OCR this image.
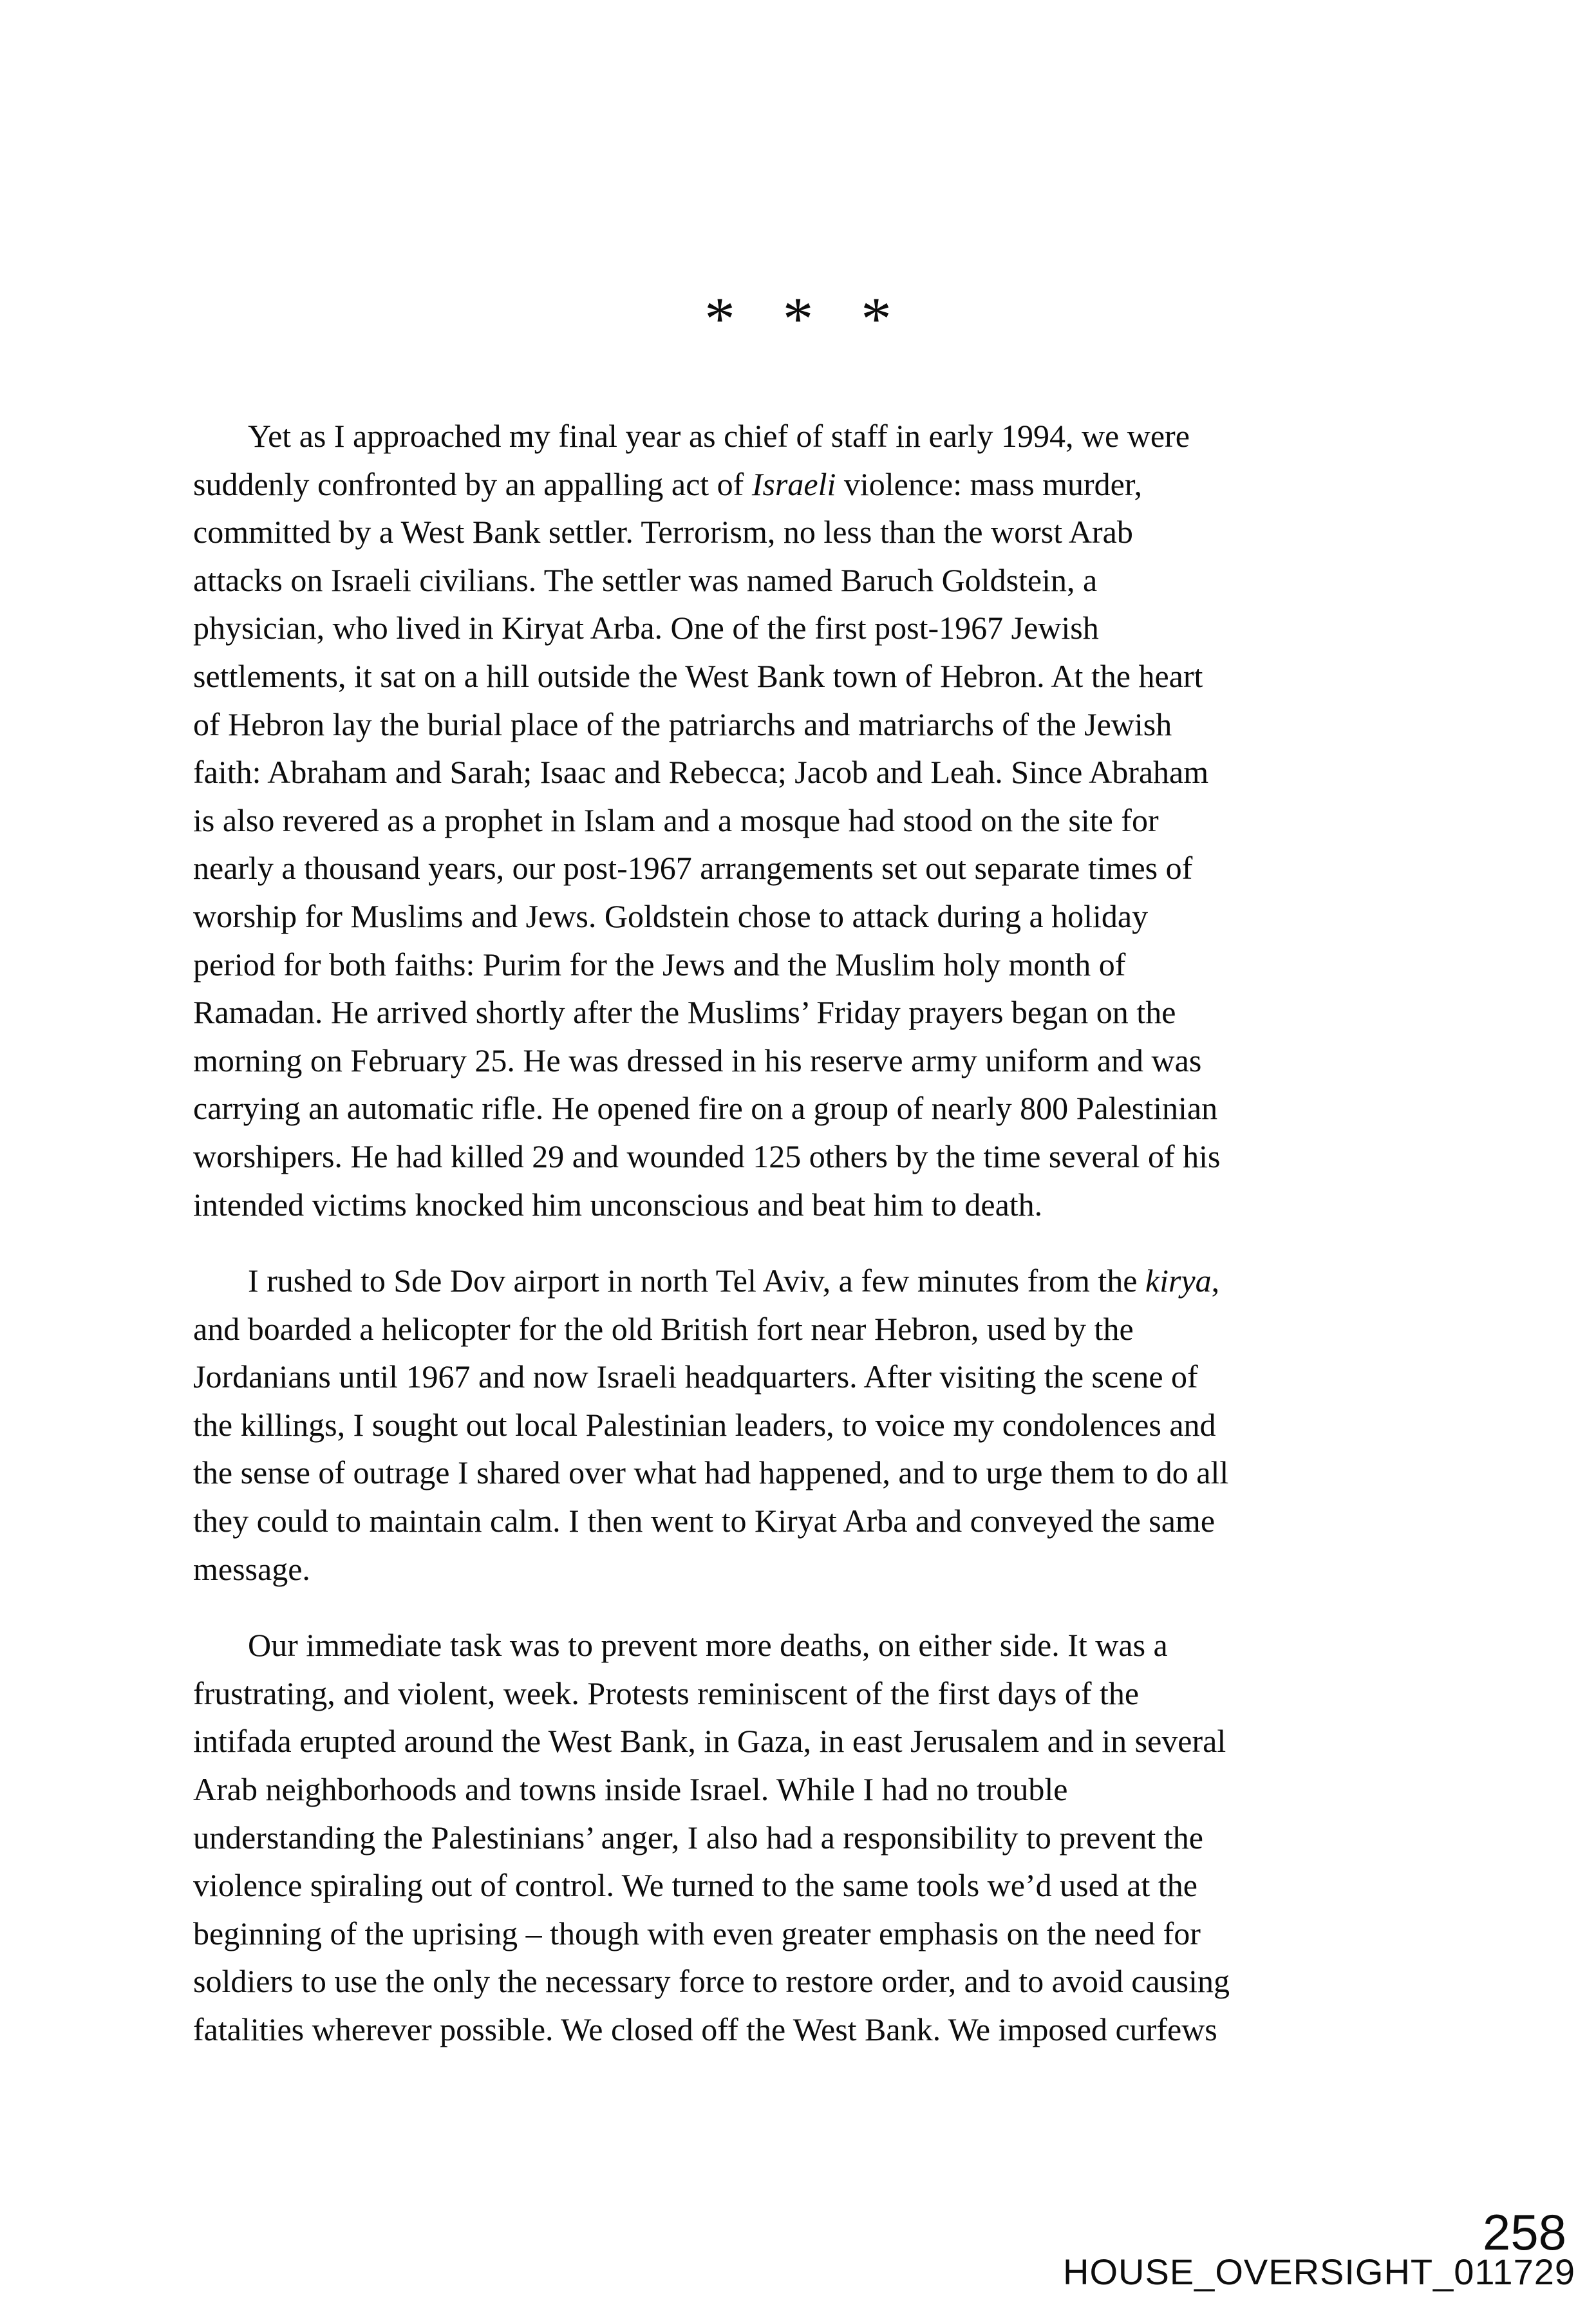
* * *
Yet as I approached my final year as chief of staff in early 1994, we were
suddenly confronted by an appalling act of Israeli violence: mass murder,
committed by a West Bank settler. Terrorism, no less than the worst Arab
attacks on Israeli civilians. The settler was named Baruch Goldstein, a
physician, who lived in Kiryat Arba. One of the first post-1967 Jewish
settlements, it sat on a hill outside the West Bank town of Hebron. At the heart
of Hebron lay the burial place of the patriarchs and matriarchs of the Jewish
faith: Abraham and Sarah; Isaac and Rebecca; Jacob and Leah. Since Abraham
is also revered as a prophet in Islam and a mosque had stood on the site for
nearly a thousand years, our post-1967 arrangements set out separate times of
worship for Muslims and Jews. Goldstein chose to attack during a holiday
period for both faiths: Purim for the Jews and the Muslim holy month of
Ramadan. He arrived shortly after the Muslims’ Friday prayers began on the
morning on February 25. He was dressed in his reserve army uniform and was
carrying an automatic rifle. He opened fire on a group of nearly 800 Palestinian
worshipers. He had killed 29 and wounded 125 others by the time several of his
intended victims knocked him unconscious and beat him to death.
I rushed to Sde Dov airport in north Tel Aviv, a few minutes from the kirya,
and boarded a helicopter for the old British fort near Hebron, used by the
Jordanians until 1967 and now Israeli headquarters. After visiting the scene of
the killings, I sought out local Palestinian leaders, to voice my condolences and
the sense of outrage I shared over what had happened, and to urge them to do all
they could to maintain calm. I then went to Kiryat Arba and conveyed the same
message.
Our immediate task was to prevent more deaths, on either side. It was a
frustrating, and violent, week. Protests reminiscent of the first days of the
intifada erupted around the West Bank, in Gaza, in east Jerusalem and in several
Arab neighborhoods and towns inside Israel. While I had no trouble
understanding the Palestinians’ anger, I also had a responsibility to prevent the
violence spiraling out of control. We turned to the same tools we’d used at the
beginning of the uprising – though with even greater emphasis on the need for
soldiers to use the only the necessary force to restore order, and to avoid causing
fatalities wherever possible. We closed off the West Bank. We imposed curfews
258
HOUSE_OVERSIGHT_011729
